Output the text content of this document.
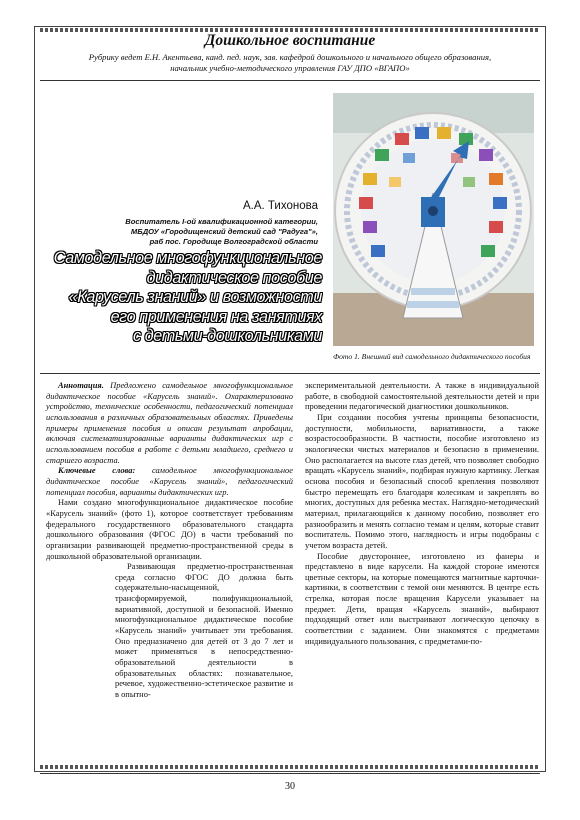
Дошкольное воспитание
Рубрику ведет Е.Н. Акентьева, канд. пед. наук, зав. кафедрой дошкольного и начального общего образования,
начальник учебно-методического управления ГАУ ДПО «ВГАПО»
Фото 1. Внешний вид самодельного дидактического пособия
А.А. Тихонова
Воспитатель I-ой квалификационной категории,
МБДОУ «Городищенский детский сад "Радуга"»,
раб пос. Городище Волгоградской области
Самодельное многофункциональное
дидактическое пособие
«Карусель знаний» и возможности
его применения на занятиях
с детьми-дошкольниками

Аннотация. Предложено самодельное многофункциональное дидактическое пособие «Карусель знаний». Охарактеризовано устройство, технические особенности, педагогический потенциал использования в различных образовательных областях. Приведены примеры применения пособия и описан результат апробации, включая систематизированные варианты дидактических игр с использованием пособия в работе с детьми младшего, среднего и старшего возраста.

Ключевые слова: самодельное многофункциональное дидактическое пособие «Карусель знаний», педагогический потенциал пособия, варианты дидактических игр.

Нами создано многофункциональное дидактическое пособие «Карусель знаний» (фото 1), которое соответствует требованиям федерального государственного образовательного стандарта дошкольного образования (ФГОС ДО) в части требований по организации развивающей предметно-пространственной среды в дошкольной образовательной организации.

Развивающая предметно-пространственная среда согласно ФГОС ДО должна быть содержательно-насыщенной, трансформируемой, полифункциональной, вариативной, доступной и безопасной. Именно многофункциональное дидактическое пособие «Карусель знаний» учитывает эти требования. Оно предназначено для детей от 3 до 7 лет и может применяться в непосредственно-образовательной деятельности в образовательных областях: познавательное, речевое, художественно-эстетическое развитие и в опытно-

экспериментальной деятельности. А также в индивидуальной работе, в свободной самостоятельной деятельности детей и при проведении педагогической диагностики дошкольников.

При создании пособия учтены принципы безопасности, доступности, мобильности, вариативности, а также возрастосообразности. В частности, пособие изготовлено из экологически чистых материалов и безопасно в применении. Оно располагается на высоте глаз детей, что позволяет свободно вращать «Карусель знаний», подбирая нужную картинку. Легкая основа пособия и безопасный способ крепления позволяют быстро перемещать его благодаря колесикам и закреплять во многих, доступных для ребенка местах. Наглядно-методический материал, прилагающийся к данному пособию, позволяет его разнообразить и менять согласно темам и целям, которые ставит воспитатель. Помимо этого, наглядность и игры подобраны с учетом возраста детей.

Пособие двустороннее, изготовлено из фанеры и представлено в виде карусели. На каждой стороне имеются цветные секторы, на которые помещаются магнитные карточки-картинки, в соответствии с темой они меняются. В центре есть стрелка, которая после вращения Карусели указывает на предмет. Дети, вращая «Карусель знаний», выбирают подходящий ответ или выстраивают логическую цепочку в соответствии с заданием. Они знакомятся с предметами индивидуального пользования, с предметами-по-

30
